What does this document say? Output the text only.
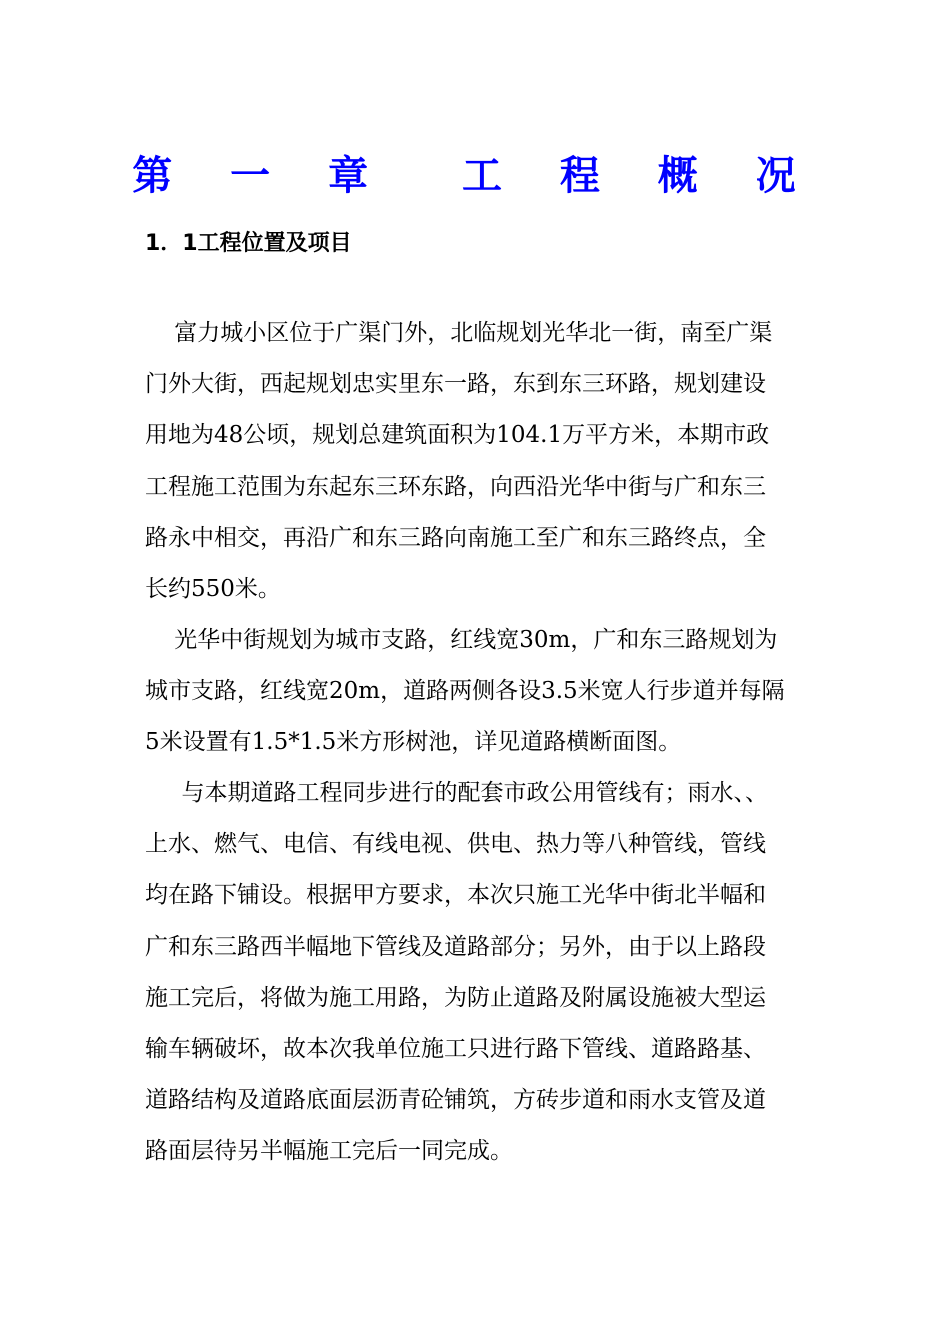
第 一 章  工 程 概 况
1．1工程位置及项目
富力城小区位于广渠门外，北临规划光华北一街，南至广渠
门外大街，西起规划忠实里东一路，东到东三环路，规划建设
用地为48公顷，规划总建筑面积为104.1万平方米，本期市政
工程施工范围为东起东三环东路，向西沿光华中街与广和东三
路永中相交，再沿广和东三路向南施工至广和东三路终点，全
长约550米。
光华中街规划为城市支路，红线宽30m，广和东三路规划为
城市支路，红线宽20m，道路两侧各设3.5米宽人行步道并每隔
5米设置有1.5*1.5米方形树池，详见道路横断面图。
与本期道路工程同步进行的配套市政公用管线有；雨水、、
上水、燃气、电信、有线电视、供电、热力等八种管线，管线
均在路下铺设。根据甲方要求，本次只施工光华中街北半幅和
广和东三路西半幅地下管线及道路部分；另外，由于以上路段
施工完后，将做为施工用路，为防止道路及附属设施被大型运
输车辆破坏，故本次我单位施工只进行路下管线、道路路基、
道路结构及道路底面层沥青砼铺筑，方砖步道和雨水支管及道
路面层待另半幅施工完后一同完成。
